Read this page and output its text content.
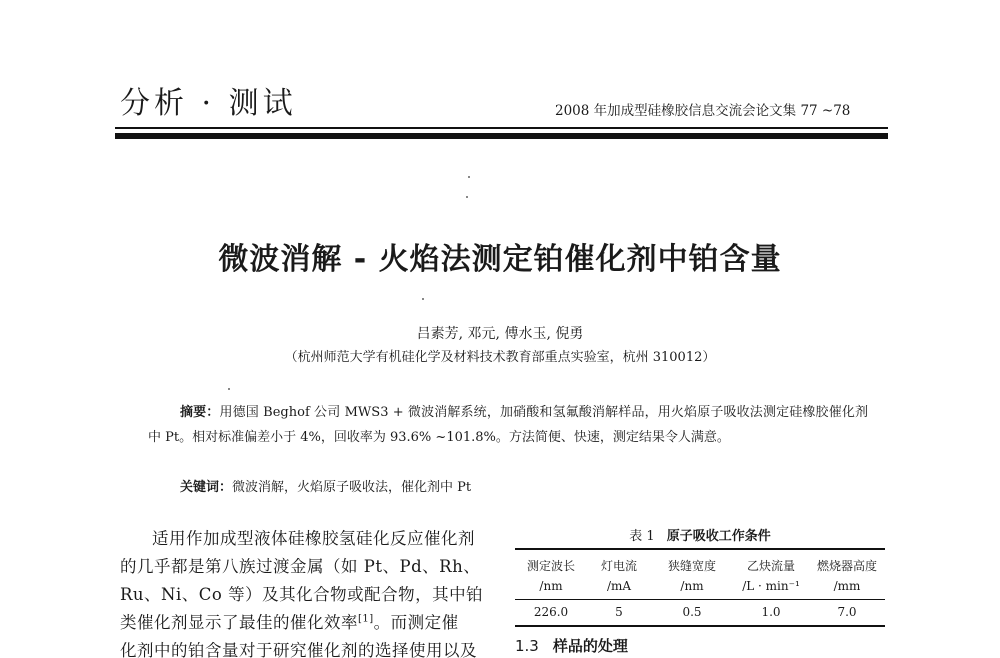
分析 · 测试	2008 年加成型硅橡胶信息交流会论文集 77 ~78
微波消解 - 火焰法测定铂催化剂中铂含量
吕素芳, 邓元, 傅水玉, 倪勇
（杭州师范大学有机硅化学及材料技术教育部重点实验室，杭州 310012）
摘要：用德国 Beghof 公司 MWS3 + 微波消解系统，加硝酸和氢氟酸消解样品，用火焰原子吸收法测定硅橡胶催化剂中 Pt。相对标准偏差小于 4%，回收率为 93.6% ~101.8%。方法简便、快速，测定结果令人满意。
关键词：微波消解，火焰原子吸收法，催化剂中 Pt
适用作加成型液体硅橡胶氢硅化反应催化剂
的几乎都是第八族过渡金属（如 Pt、Pd、Rh、
Ru、Ni、Co 等）及其化合物或配合物，其中铂
类催化剂显示了最佳的催化效率[1]。而测定催
化剂中的铂含量对于研究催化剂的选择使用以及
表 1 原子吸收工作条件
测定波长	灯电流	狭缝宽度	乙炔流量	燃烧器高度
/nm	/mA	/nm	/L · min⁻¹	/mm
226.0	5	0.5	1.0	7.0
1.3 样品的处理
